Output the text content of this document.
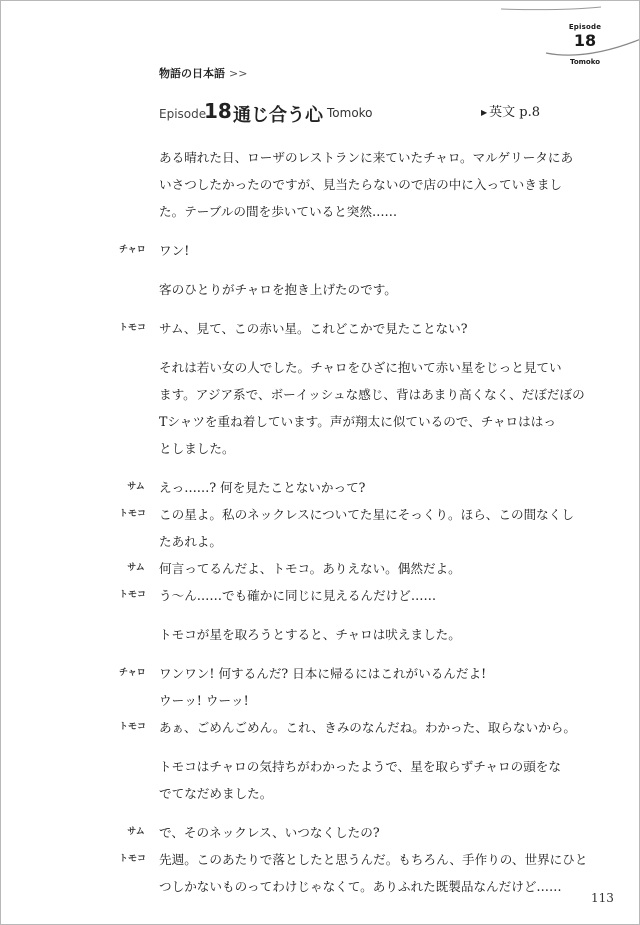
Episode
18
Tomoko
物語の日本語 >>
Episode
18 通じ合う心 Tomoko	▶ 英文 p.8
ある晴れた日、ローザのレストランに来ていたチャロ。マルゲリータにあ
いさつしたかったのですが、見当たらないので店の中に入っていきまし
た。テーブルの間を歩いていると突然……
チャロ	ワン!
客のひとりがチャロを抱き上げたのです。
トモコ	サム、見て、この赤い星。これどこかで見たことない?
それは若い女の人でした。チャロをひざに抱いて赤い星をじっと見てい
ます。アジア系で、ボーイッシュな感じ、背はあまり高くなく、だぼだぼの
Tシャツを重ね着しています。声が翔太に似ているので、チャロははっ
としました。
サム	えっ……? 何を見たことないかって?
トモコ	この星よ。私のネックレスについてた星にそっくり。ほら、この間なくし
たあれよ。
サム	何言ってるんだよ、トモコ。ありえない。偶然だよ。
トモコ	う～ん……でも確かに同じに見えるんだけど……
トモコが星を取ろうとすると、チャロは吠えました。
チャロ	ワンワン! 何するんだ? 日本に帰るにはこれがいるんだよ!
ウーッ! ウーッ!
トモコ	あぁ、ごめんごめん。これ、きみのなんだね。わかった、取らないから。
トモコはチャロの気持ちがわかったようで、星を取らずチャロの頭をな
でてなだめました。
サム	で、そのネックレス、いつなくしたの?
トモコ	先週。このあたりで落としたと思うんだ。もちろん、手作りの、世界にひと
つしかないものってわけじゃなくて。ありふれた既製品なんだけど……
113
